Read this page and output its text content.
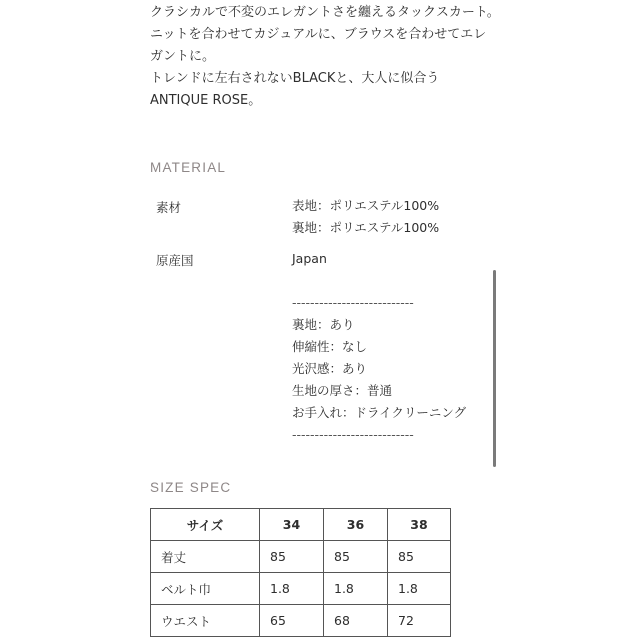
クラシカルで不変のエレガントさを纏えるタックスカート。

ニットを合わせてカジュアルに、ブラウスを合わせてエレ

ガントに。

トレンドに左右されないBLACKと、大人に似合う

ANTIQUE ROSE。

MATERIAL
素材	表地：ポリエステル100%
裏地：ポリエステル100%
原産国	Japan
---------------------------
裏地：あり
伸縮性：なし
光沢感：あり
生地の厚さ：普通
お手入れ：ドライクリーニング
---------------------------
SIZE SPEC
サイズ	34	36	38
着丈	85	85	85
ベルト巾	1.8	1.8	1.8
ウエスト	65	68	72
